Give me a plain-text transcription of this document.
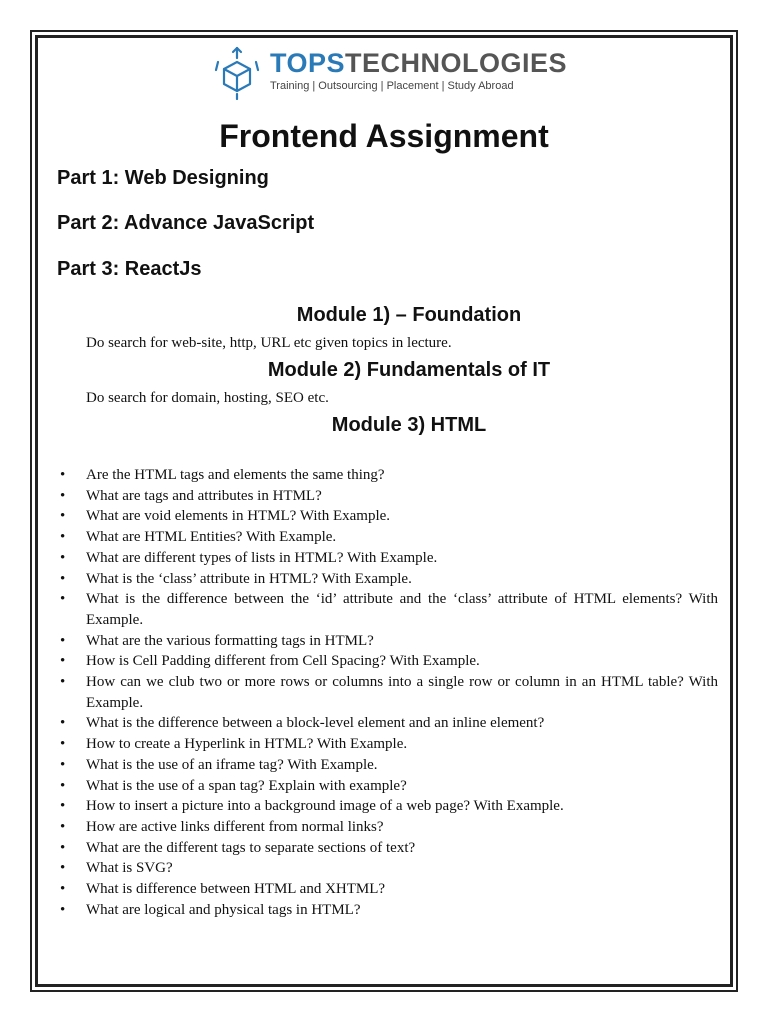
TOPSTECHNOLOGIES
Training | Outsourcing | Placement | Study Abroad
Frontend Assignment
Part 1: Web Designing
Part 2: Advance JavaScript
Part 3: ReactJs
Module 1) – Foundation
Do search for web-site, http, URL etc given topics in lecture.
Module 2) Fundamentals of IT
Do search for domain, hosting, SEO etc.
Module 3) HTML
• Are the HTML tags and elements the same thing?
• What are tags and attributes in HTML?
• What are void elements in HTML? With Example.
• What are HTML Entities? With Example.
• What are different types of lists in HTML? With Example.
• What is the ‘class’ attribute in HTML? With Example.
• What is the difference between the ‘id’ attribute and the ‘class’ attribute of HTML elements? With Example.
• What are the various formatting tags in HTML?
• How is Cell Padding different from Cell Spacing? With Example.
• How can we club two or more rows or columns into a single row or column in an HTML table? With Example.
• What is the difference between a block-level element and an inline element?
• How to create a Hyperlink in HTML? With Example.
• What is the use of an iframe tag? With Example.
• What is the use of a span tag? Explain with example?
• How to insert a picture into a background image of a web page? With Example.
• How are active links different from normal links?
• What are the different tags to separate sections of text?
• What is SVG?
• What is difference between HTML and XHTML?
• What are logical and physical tags in HTML?
